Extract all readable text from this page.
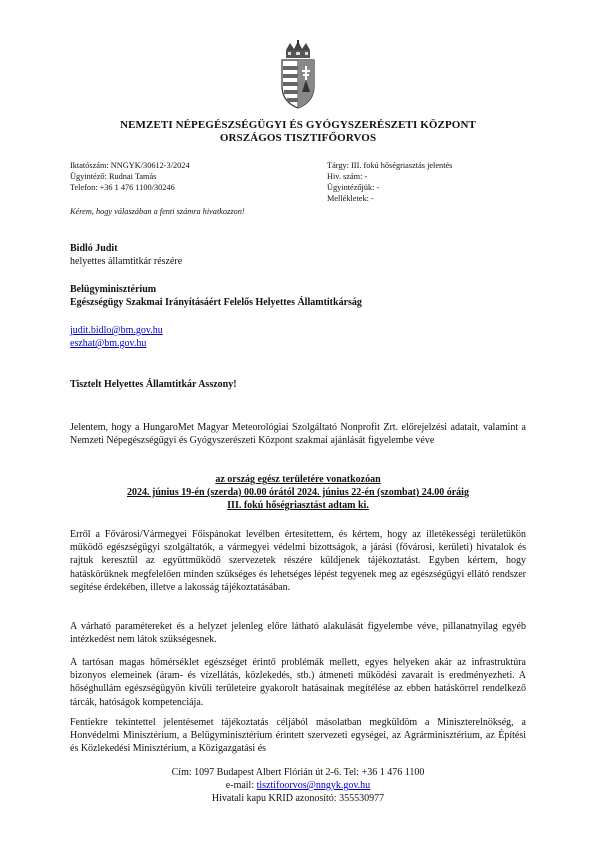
NEMZETI NÉPEGÉSZSÉGÜGYI ÉS GYÓGYSZERÉSZETI KÖZPONT
ORSZÁGOS TISZTIFŐORVOS
Iktatószám: NNGYK/30612-3/2024
Ügyintéző: Rudnai Tamás
Telefon: +36 1 476 1100/30246
Tárgy: III. fokú hőségriasztás jelentés
Hiv. szám: -
Ügyintézőjük: -
Mellékletek: -
Kérem, hogy válaszában a fenti számra hivatkozzon!
Bidló Judit
helyettes államtitkár részére
Belügyminisztérium
Egészségügy Szakmai Irányításáért Felelős Helyettes Államtitkárság
judit.bidlo@bm.gov.hu
eszhat@bm.gov.hu
Tisztelt Helyettes Államtitkár Asszony!
Jelentem, hogy a HungaroMet Magyar Meteorológiai Szolgáltató Nonprofit Zrt. előrejelzési adatait, valamint a Nemzeti Népegészségügyi és Gyógyszerészeti Központ szakmai ajánlását figyelembe véve
az ország egész területére vonatkozóan
2024. június 19-én (szerda) 00.00 órától 2024. június 22-én (szombat) 24.00 óráig
III. fokú hőségriasztást adtam ki.
Erről a Fővárosi/Vármegyei Főispánokat levélben értesítettem, és kértem, hogy az illetékességi területükön működő egészségügyi szolgáltatók, a vármegyei védelmi bizottságok, a járási (fővárosi, kerületi) hivatalok és rajtuk keresztül az együttműködő szervezetek részére küldjenek tájékoztatást. Egyben kértem, hogy hatáskörüknek megfelelően minden szükséges és lehetséges lépést tegyenek meg az egészségügyi ellátó rendszer segítése érdekében, illetve a lakosság tájékoztatásában.
A várható paramétereket és a helyzet jelenleg előre látható alakulását figyelembe véve, pillanatnyilag egyéb intézkedést nem látok szükségesnek.
A tartósan magas hőmérséklet egészséget érintő problémák mellett, egyes helyeken akár az infrastruktúra bizonyos elemeinek (áram- és vízellátás, közlekedés, stb.) átmeneti működési zavarait is eredményezheti. A hőséghullám egészségügyön kívüli területeire gyakorolt hatásainak megítélése az ebben hatáskörrel rendelkező tárcák, hatóságok kompetenciája.
Fentiekre tekintettel jelentésemet tájékoztatás céljából másolatban megküldöm a Miniszterelnökség, a Honvédelmi Minisztérium, a Belügyminisztérium érintett szervezeti egységei, az Agrárminisztérium, az Építési és Közlekedési Minisztérium, a Közigazgatási és
Cím: 1097 Budapest Albert Flórián út 2-6. Tel: +36 1 476 1100
e-mail: tisztifoorvos@nngyk.gov.hu
Hivatali kapu KRID azonosító: 355530977
